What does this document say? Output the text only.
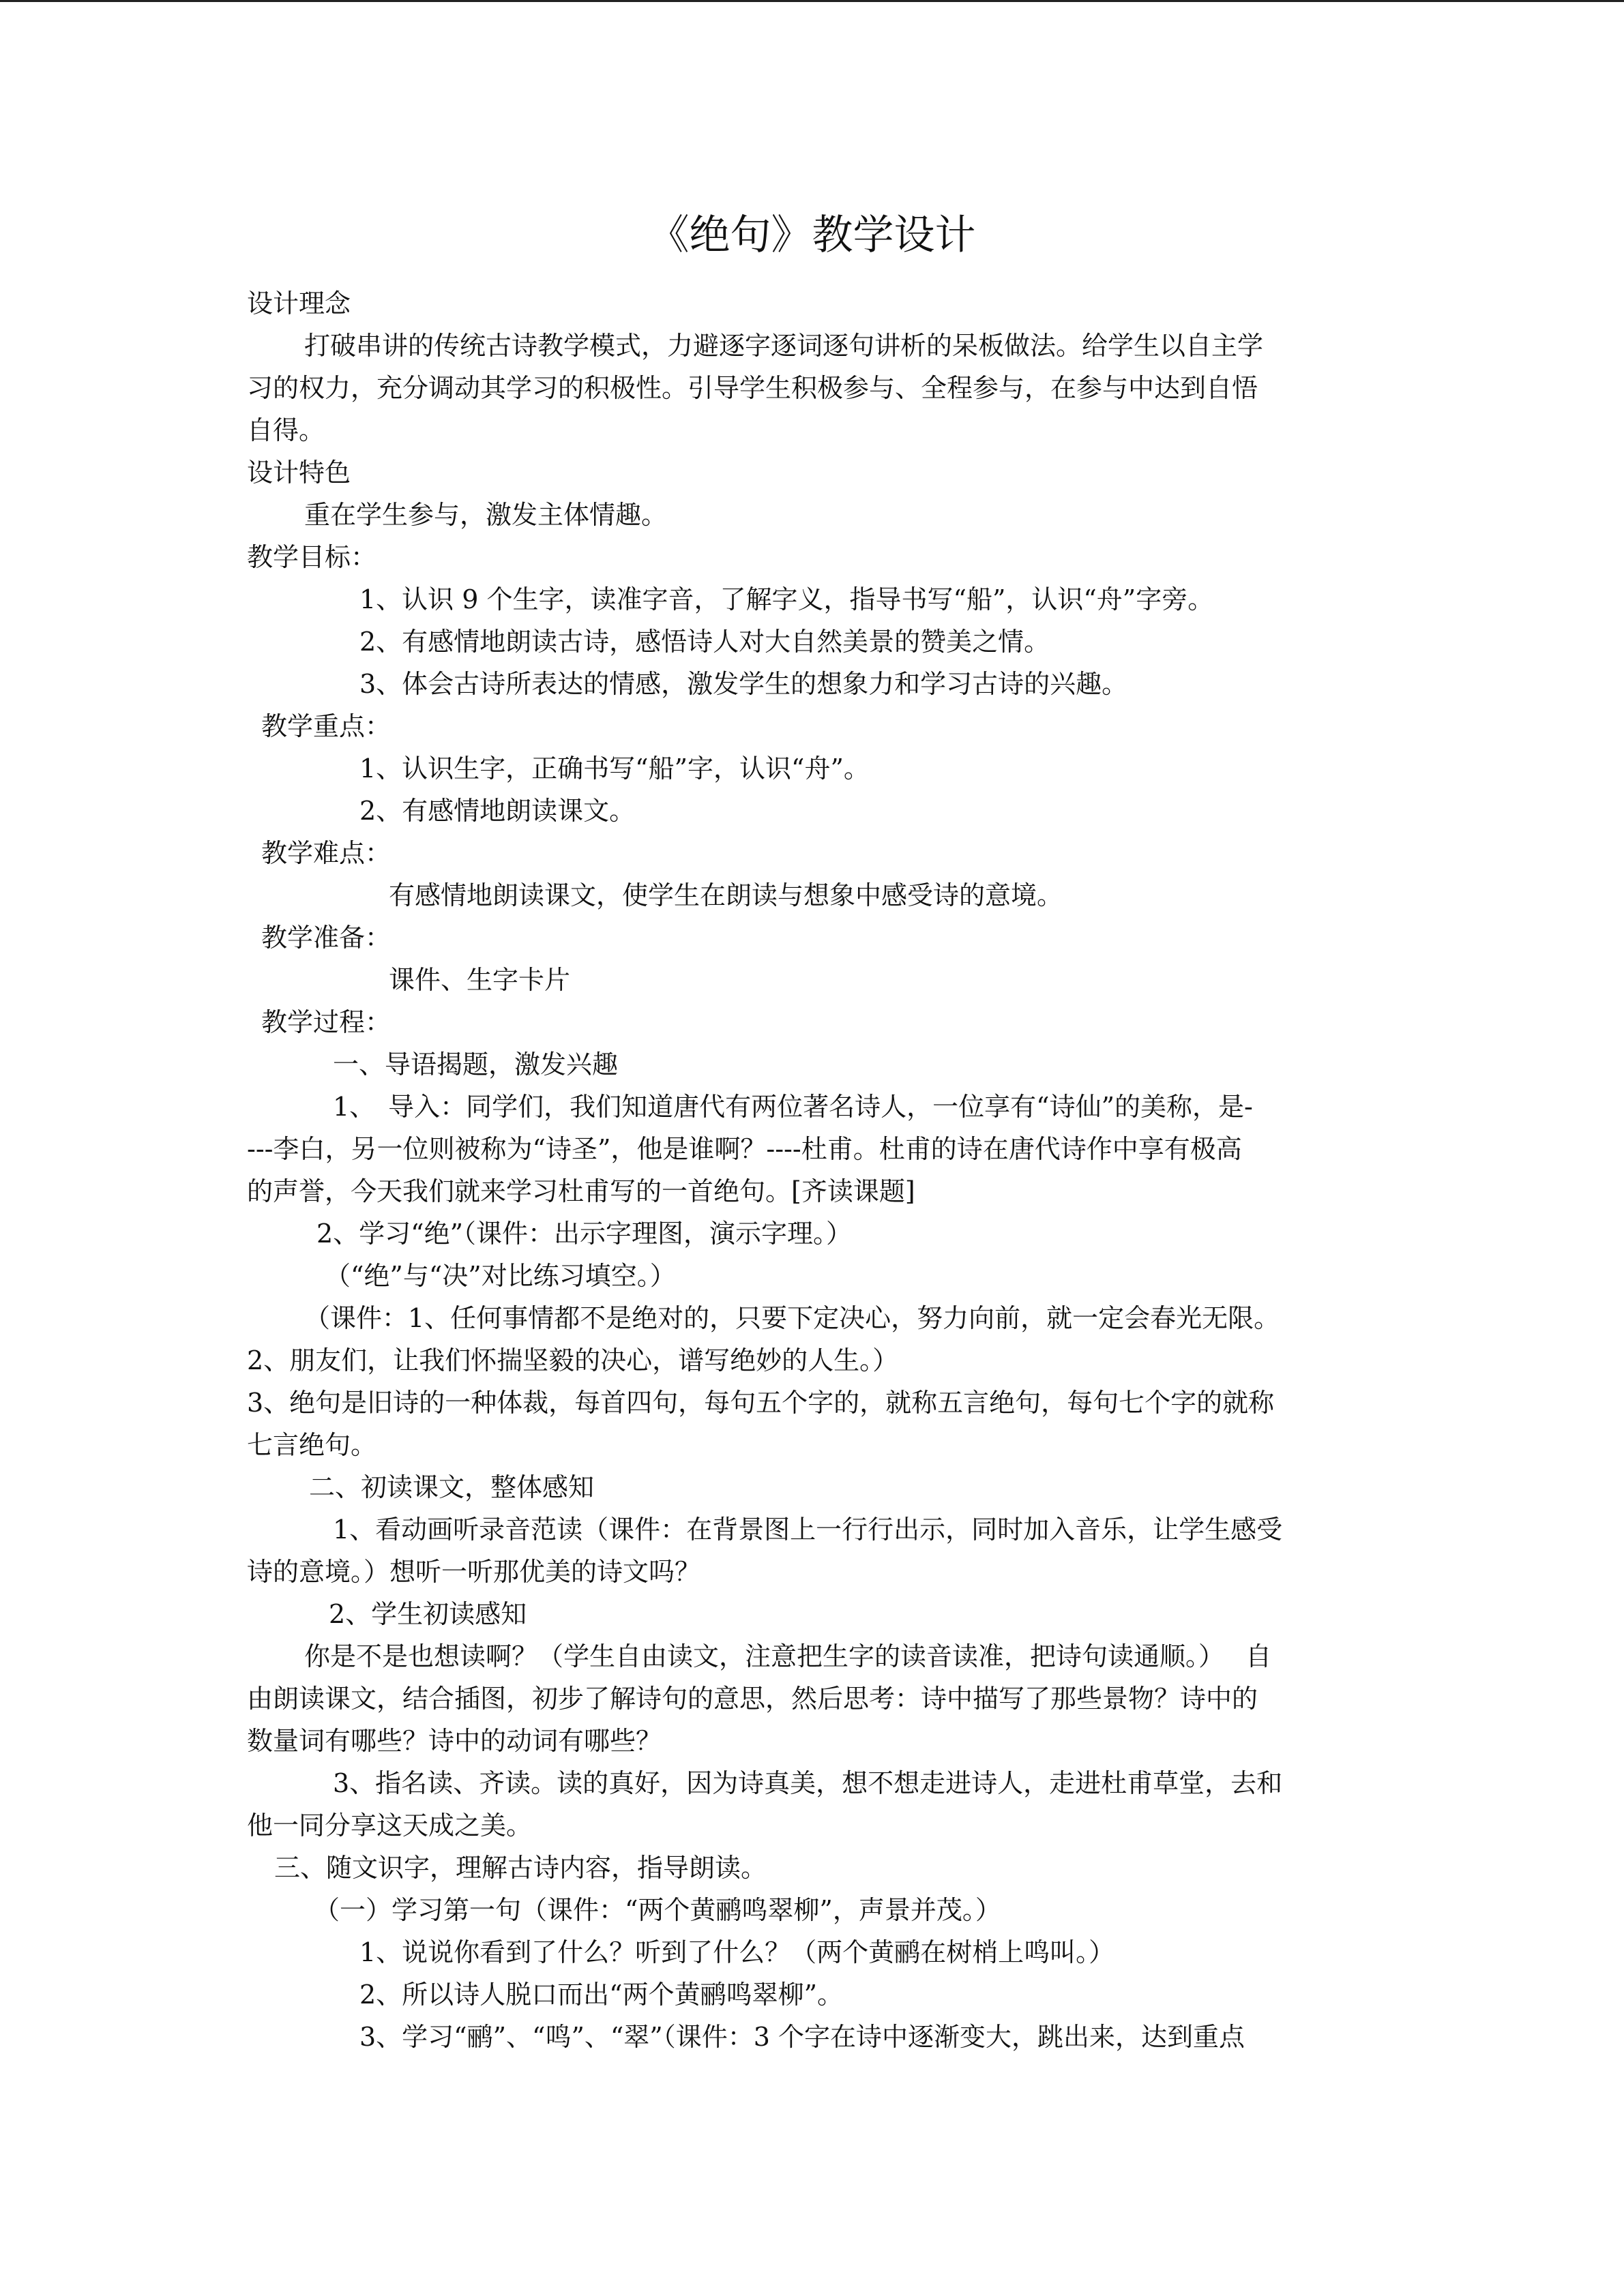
《绝句》教学设计
设计理念
打破串讲的传统古诗教学模式，力避逐字逐词逐句讲析的呆板做法。给学生以自主学
习的权力，充分调动其学习的积极性。引导学生积极参与、全程参与，在参与中达到自悟
自得。
设计特色
重在学生参与，激发主体情趣。
教学目标：
1、认识 9 个生字，读准字音，了解字义，指导书写“船”，认识“舟”字旁。
2、有感情地朗读古诗，感悟诗人对大自然美景的赞美之情。
3、体会古诗所表达的情感，激发学生的想象力和学习古诗的兴趣。
教学重点：
1、认识生字，正确书写“船”字，认识“舟”。
2、有感情地朗读课文。
教学难点：
有感情地朗读课文，使学生在朗读与想象中感受诗的意境。
教学准备：
课件、生字卡片
教学过程：
一、导语揭题，激发兴趣
1、　导入：同学们，我们知道唐代有两位著名诗人，一位享有“诗仙”的美称，是-
---李白，另一位则被称为“诗圣”，他是谁啊？----杜甫。杜甫的诗在唐代诗作中享有极高
的声誉，今天我们就来学习杜甫写的一首绝句。[齐读课题]
2、学习“绝”（课件：出示字理图，演示字理。）
（“绝”与“决”对比练习填空。）
（课件：1、任何事情都不是绝对的，只要下定决心，努力向前，就一定会春光无限。
2、朋友们，让我们怀揣坚毅的决心，谱写绝妙的人生。）
3、绝句是旧诗的一种体裁，每首四句，每句五个字的，就称五言绝句，每句七个字的就称
七言绝句。
二、初读课文，整体感知
1、看动画听录音范读（课件：在背景图上一行行出示，同时加入音乐，让学生感受
诗的意境。）想听一听那优美的诗文吗？
2、学生初读感知
你是不是也想读啊？（学生自由读文，注意把生字的读音读准，把诗句读通顺。）　 自
由朗读课文，结合插图，初步了解诗句的意思，然后思考：诗中描写了那些景物？诗中的
数量词有哪些？诗中的动词有哪些？
3、指名读、齐读。读的真好，因为诗真美，想不想走进诗人，走进杜甫草堂，去和
他一同分享这天成之美。
三、随文识字，理解古诗内容，指导朗读。
（一）学习第一句（课件：“两个黄鹂鸣翠柳”，声景并茂。）
1、说说你看到了什么？听到了什么？（两个黄鹂在树梢上鸣叫。）
2、所以诗人脱口而出“两个黄鹂鸣翠柳”。
3、学习“鹂”、“鸣”、“翠”（课件：3 个字在诗中逐渐变大，跳出来，达到重点
